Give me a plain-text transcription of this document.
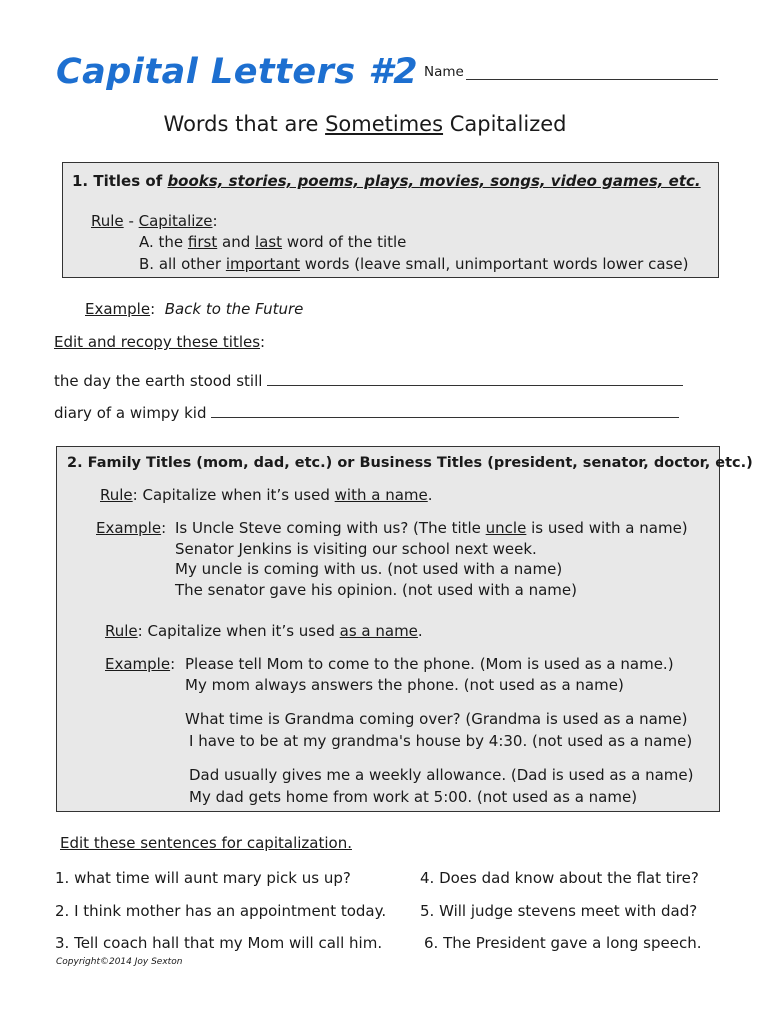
Capital Letters #2 Name
Words that are Sometimes Capitalized
1. Titles of books, stories, poems, plays, movies, songs, video games, etc.
Rule - Capitalize:
A. the first and last word of the title
B. all other important words (leave small, unimportant words lower case)
Example: Back to the Future
Edit and recopy these titles:
the day the earth stood still
diary of a wimpy kid
2. Family Titles (mom, dad, etc.) or Business Titles (president, senator, doctor, etc.)
Rule: Capitalize when it’s used with a name.
Example: Is Uncle Steve coming with us? (The title uncle is used with a name)
Senator Jenkins is visiting our school next week.
My uncle is coming with us. (not used with a name)
The senator gave his opinion. (not used with a name)
Rule: Capitalize when it’s used as a name.
Example: Please tell Mom to come to the phone. (Mom is used as a name.)
My mom always answers the phone. (not used as a name)
What time is Grandma coming over? (Grandma is used as a name)
I have to be at my grandma's house by 4:30. (not used as a name)
Dad usually gives me a weekly allowance. (Dad is used as a name)
My dad gets home from work at 5:00. (not used as a name)
Edit these sentences for capitalization.
1. what time will aunt mary pick us up?
2. I think mother has an appointment today.
3. Tell coach hall that my Mom will call him.
4. Does dad know about the flat tire?
5. Will judge stevens meet with dad?
6. The President gave a long speech.
Copyright©2014 Joy Sexton
